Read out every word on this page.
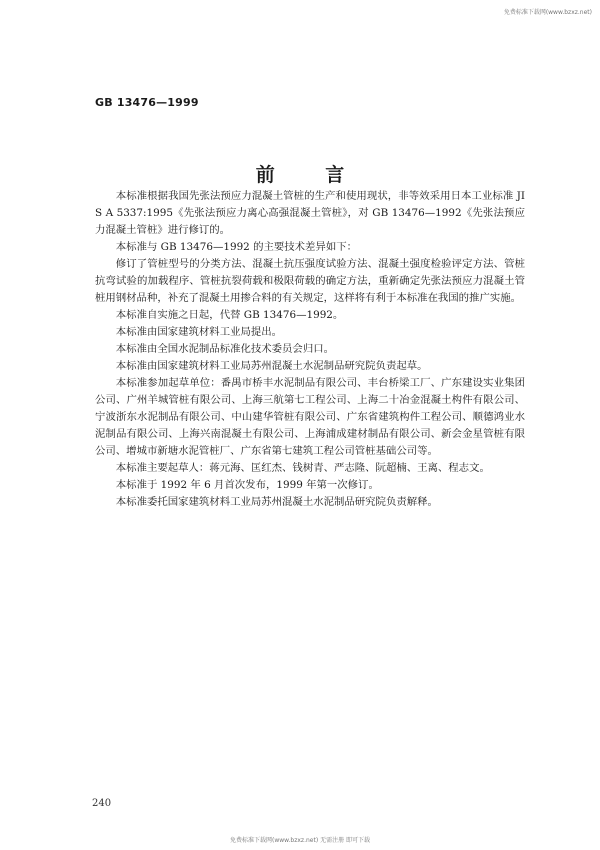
免费标准下载网(www.bzxz.net)
GB 13476—1999
前 言

本标准根据我国先张法预应力混凝土管桩的生产和使用现状，非等效采用日本工业标准 JIS A 5337:1995《先张法预应力离心高强混凝土管桩》，对 GB 13476—1992《先张法预应力混凝土管桩》进行修订的。

本标准与 GB 13476—1992 的主要技术差异如下：

修订了管桩型号的分类方法、混凝土抗压强度试验方法、混凝土强度检验评定方法、管桩抗弯试验的加载程序、管桩抗裂荷载和极限荷载的确定方法，重新确定先张法预应力混凝土管桩用钢材品种，补充了混凝土用掺合料的有关规定，这样将有利于本标准在我国的推广实施。

本标准自实施之日起，代替 GB 13476—1992。

本标准由国家建筑材料工业局提出。

本标准由全国水泥制品标准化技术委员会归口。

本标准由国家建筑材料工业局苏州混凝土水泥制品研究院负责起草。

本标准参加起草单位：番禺市桥丰水泥制品有限公司、丰台桥梁工厂、广东建设实业集团公司、广州羊城管桩有限公司、上海三航第七工程公司、上海二十冶金混凝土构件有限公司、宁波浙东水泥制品有限公司、中山建华管桩有限公司、广东省建筑构件工程公司、顺德鸿业水泥制品有限公司、上海兴南混凝土有限公司、上海浦成建材制品有限公司、新会金星管桩有限公司、增城市新塘水泥管桩厂、广东省第七建筑工程公司管桩基础公司等。

本标准主要起草人：蒋元海、匡红杰、钱树青、严志隆、阮超楠、王离、程志文。

本标准于 1992 年 6 月首次发布，1999 年第一次修订。

本标准委托国家建筑材料工业局苏州混凝土水泥制品研究院负责解释。

240
免费标准下载网(www.bzxz.net) 无需注册 即可下载
